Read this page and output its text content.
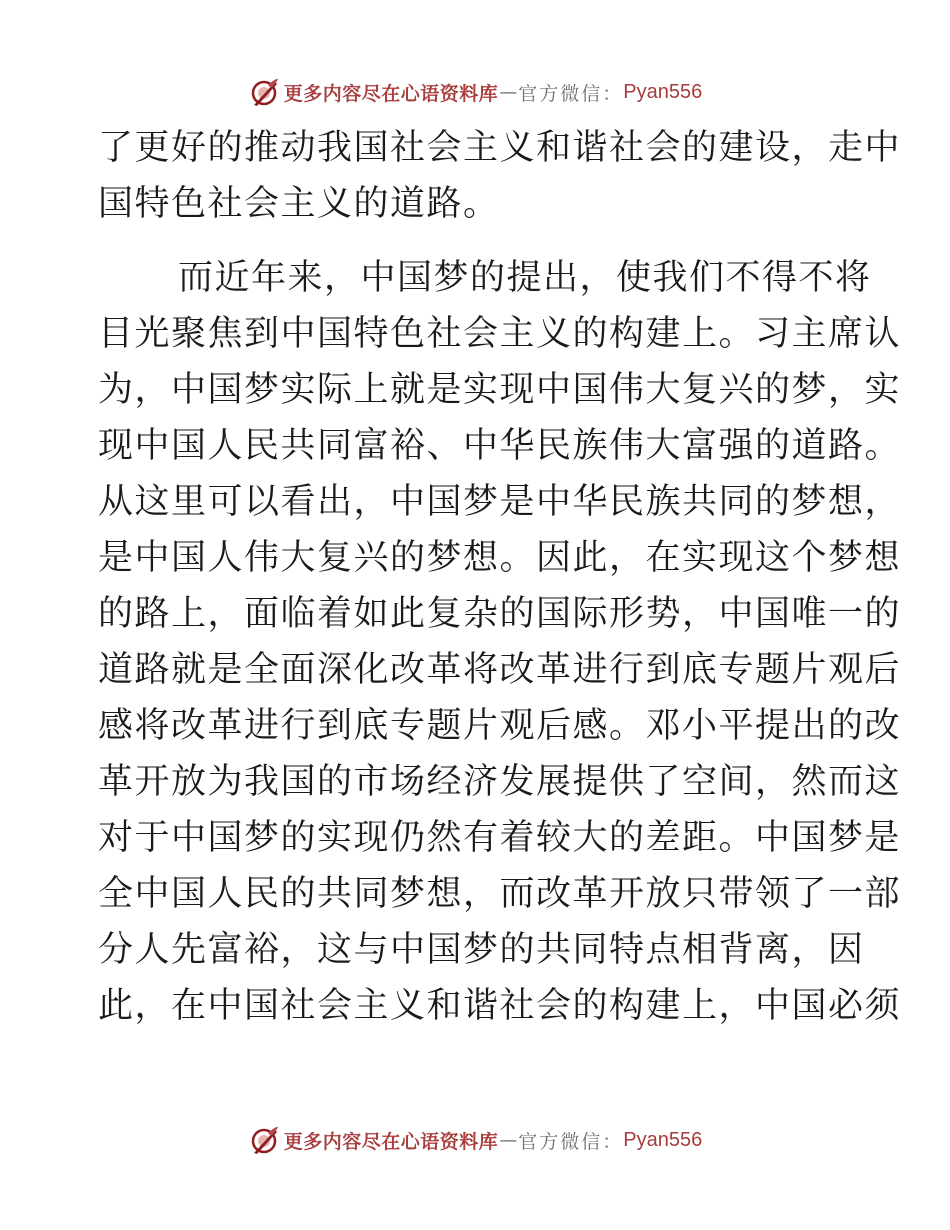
更多内容尽在心语资料库 — 官方微信： Pyan556
了更好的推动我国社会主义和谐社会的建设，走中
国特色社会主义的道路。
而近年来，中国梦的提出，使我们不得不将
目光聚焦到中国特色社会主义的构建上。习主席认
为，中国梦实际上就是实现中国伟大复兴的梦，实
现中国人民共同富裕、中华民族伟大富强的道路。
从这里可以看出，中国梦是中华民族共同的梦想，
是中国人伟大复兴的梦想。因此，在实现这个梦想
的路上，面临着如此复杂的国际形势，中国唯一的
道路就是全面深化改革将改革进行到底专题片观后
感将改革进行到底专题片观后感。邓小平提出的改
革开放为我国的市场经济发展提供了空间，然而这
对于中国梦的实现仍然有着较大的差距。中国梦是
全中国人民的共同梦想，而改革开放只带领了一部
分人先富裕，这与中国梦的共同特点相背离，因
此，在中国社会主义和谐社会的构建上，中国必须
更多内容尽在心语资料库 — 官方微信： Pyan556
